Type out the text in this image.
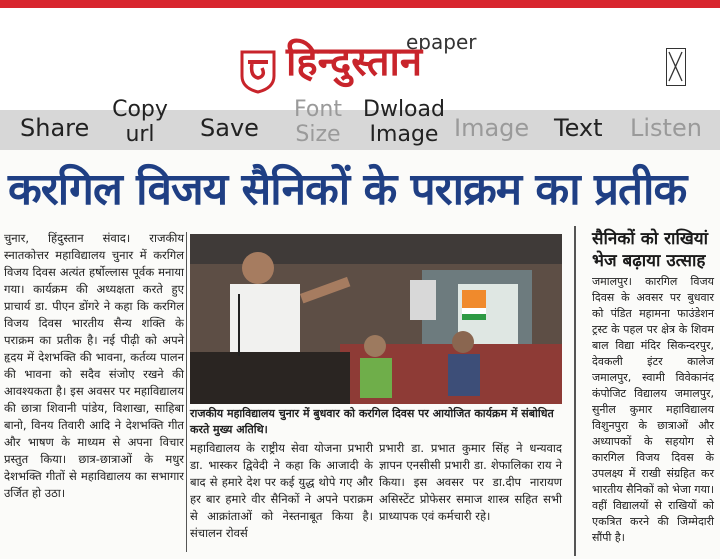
epaper
हिन्दुस्तान
Share
Copy url	Save
Font Size
Dwload Image Image Text Listen
करगिल विजय सैनिकों के पराक्रम का प्रतीक
चुनार, हिंदुस्तान संवाद। राजकीय स्नातकोत्तर महाविद्यालय चुनार में करगिल विजय दिवस अत्यंत हर्षोल्लास पूर्वक मनाया गया। कार्यक्रम की अध्यक्षता करते हुए प्राचार्य डा. पीएन डोंगरे ने कहा कि करगिल विजय दिवस भारतीय सैन्य शक्ति के पराक्रम का प्रतीक है। नई पीढ़ी को अपने हृदय में देशभक्ति की भावना, कर्तव्य पालन की भावना को सदैव संजोए रखने की आवश्यकता है। इस अवसर पर महाविद्यालय की छात्रा शिवानी पांडेय, विशाखा, साहिबा बानो, विनय तिवारी आदि ने देशभक्ति गीत और भाषण के माध्यम से अपना विचार प्रस्तुत किया। छात्र-छात्राओं के मधुर देशभक्ति गीतों से महाविद्यालय का सभागार उर्जित हो उठा।
राजकीय महाविद्यालय चुनार में बुधवार को करगिल दिवस पर आयोजित कार्यक्रम में संबोधित करते मुख्य अतिथि।
महाविद्यालय के राष्ट्रीय सेवा योजना प्रभारी डा. भास्कर द्विवेदी ने कहा कि आजादी के बाद से हमारे देश पर कई युद्ध थोपे गए और हर बार हमारे वीर सैनिकों ने अपने पराक्रम से आक्रांताओं को नेस्तनाबूत किया है। संचालन रोवर्स
प्रभारी डा. प्रभात कुमार सिंह ने धन्यवाद ज्ञापन एनसीसी प्रभारी डा. शेफालिका राय ने किया। इस अवसर पर डा.दीप नारायण असिस्टेंट प्रोफेसर समाज शास्त्र सहित सभी प्राध्यापक एवं कर्मचारी रहे।
सैनिकों को राखियां भेज बढ़ाया उत्साह
जमालपुर। कारगिल विजय दिवस के अवसर पर बुधवार को पंडित महामना फाउंडेशन ट्रस्ट के पहल पर क्षेत्र के शिवम बाल विद्या मंदिर सिकन्दरपुर, देवकली इंटर कालेज जमालपुर, स्वामी विवेकानंद कंपोजिट विद्यालय जमालपुर, सुनील कुमार महाविद्यालय विशुनपुरा के छात्राओं और अध्यापकों के सहयोग से कारगिल विजय दिवस के उपलक्ष्य में राखी संग्रहित कर भारतीय सैनिकों को भेजा गया। वहीं विद्यालयों से राखियों को एकत्रित करने की जिम्मेदारी सौंपी है।
